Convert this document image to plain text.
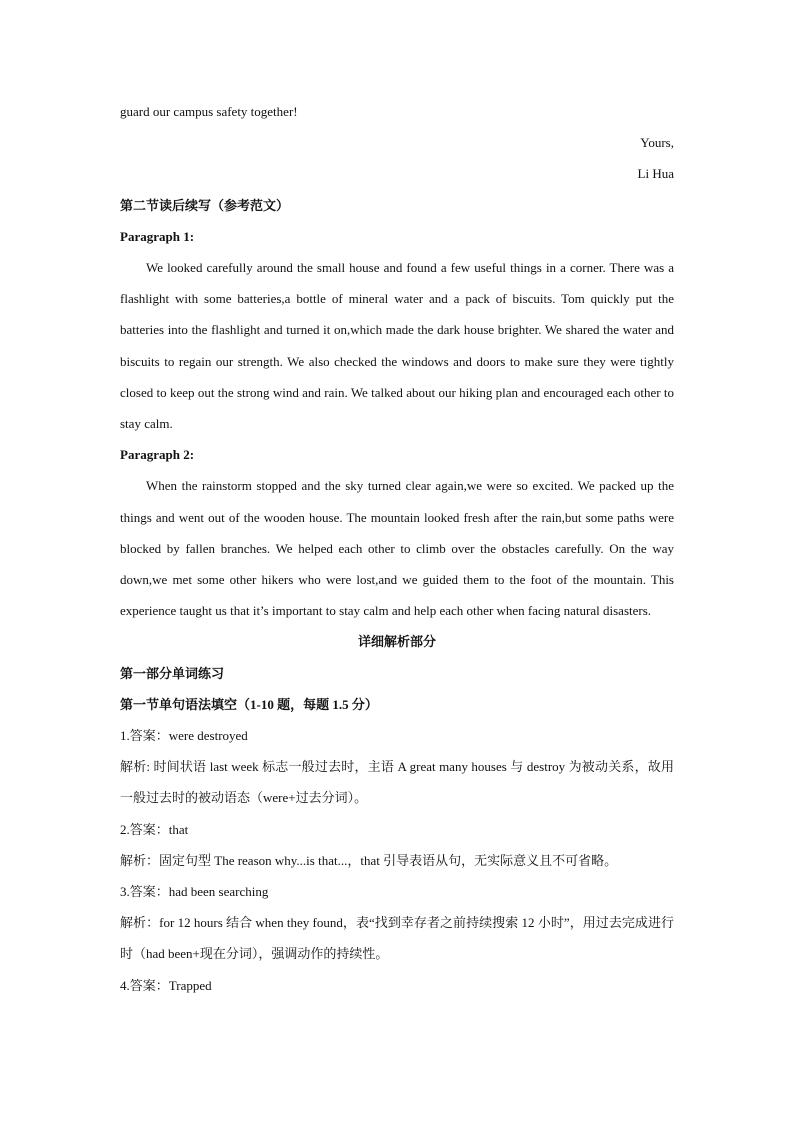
guard our campus safety together!

Yours,

Li Hua

第二节读后续写（参考范文）

Paragraph 1:

We looked carefully around the small house and found a few useful things in a corner. There was a flashlight with some batteries,a bottle of mineral water and a pack of biscuits. Tom quickly put the batteries into the flashlight and turned it on,which made the dark house brighter. We shared the water and biscuits to regain our strength. We also checked the windows and doors to make sure they were tightly closed to keep out the strong wind and rain. We talked about our hiking plan and encouraged each other to stay calm.

Paragraph 2:

When the rainstorm stopped and the sky turned clear again,we were so excited. We packed up the things and went out of the wooden house. The mountain looked fresh after the rain,but some paths were blocked by fallen branches. We helped each other to climb over the obstacles carefully. On the way down,we met some other hikers who were lost,and we guided them to the foot of the mountain. This experience taught us that it’s important to stay calm and help each other when facing natural disasters.

详细解析部分

第一部分单词练习

第一节单句语法填空（1-10 题，每题 1.5 分）

1.答案：were destroyed

解析: 时间状语 last week 标志一般过去时，主语 A great many houses 与 destroy 为被动关系，故用一般过去时的被动语态（were+过去分词）。

2.答案：that

解析：固定句型 The reason why...is that...，that 引导表语从句，无实际意义且不可省略。

3.答案：had been searching

解析：for 12 hours 结合 when they found，表“找到幸存者之前持续搜索 12 小时”，用过去完成进行时（had been+现在分词），强调动作的持续性。

4.答案：Trapped
